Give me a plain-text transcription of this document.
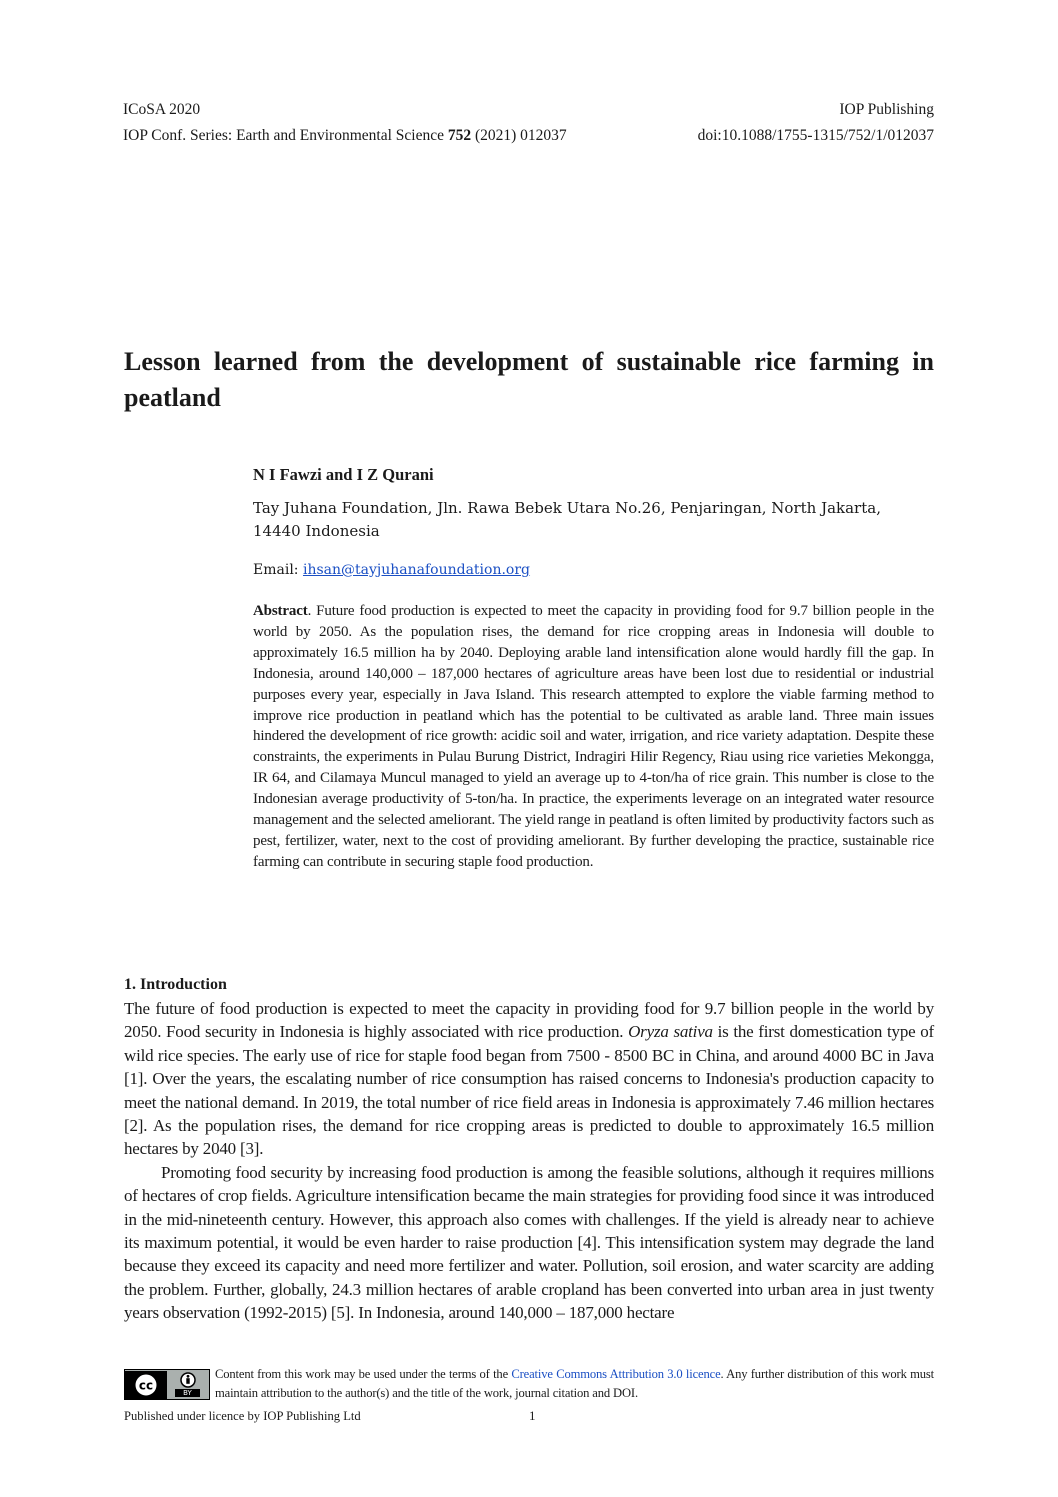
ICoSA 2020	IOP Publishing
IOP Conf. Series: Earth and Environmental Science 752 (2021) 012037	doi:10.1088/1755-1315/752/1/012037
Lesson learned from the development of sustainable rice farming in peatland

N I Fawzi and I Z Qurani

Tay Juhana Foundation, Jln. Rawa Bebek Utara No.26, Penjaringan, North Jakarta, 14440 Indonesia

Email: ihsan@tayjuhanafoundation.org

Abstract. Future food production is expected to meet the capacity in providing food for 9.7 billion people in the world by 2050. As the population rises, the demand for rice cropping areas in Indonesia will double to approximately 16.5 million ha by 2040. Deploying arable land intensification alone would hardly fill the gap. In Indonesia, around 140,000 – 187,000 hectares of agriculture areas have been lost due to residential or industrial purposes every year, especially in Java Island. This research attempted to explore the viable farming method to improve rice production in peatland which has the potential to be cultivated as arable land. Three main issues hindered the development of rice growth: acidic soil and water, irrigation, and rice variety adaptation. Despite these constraints, the experiments in Pulau Burung District, Indragiri Hilir Regency, Riau using rice varieties Mekongga, IR 64, and Cilamaya Muncul managed to yield an average up to 4-ton/ha of rice grain. This number is close to the Indonesian average productivity of 5-ton/ha. In practice, the experiments leverage on an integrated water resource management and the selected ameliorant. The yield range in peatland is often limited by productivity factors such as pest, fertilizer, water, next to the cost of providing ameliorant. By further developing the practice, sustainable rice farming can contribute in securing staple food production.

1. Introduction

The future of food production is expected to meet the capacity in providing food for 9.7 billion people in the world by 2050. Food security in Indonesia is highly associated with rice production. Oryza sativa is the first domestication type of wild rice species. The early use of rice for staple food began from 7500 - 8500 BC in China, and around 4000 BC in Java [1]. Over the years, the escalating number of rice consumption has raised concerns to Indonesia's production capacity to meet the national demand. In 2019, the total number of rice field areas in Indonesia is approximately 7.46 million hectares [2]. As the population rises, the demand for rice cropping areas is predicted to double to approximately 16.5 million hectares by 2040 [3].

Promoting food security by increasing food production is among the feasible solutions, although it requires millions of hectares of crop fields. Agriculture intensification became the main strategies for providing food since it was introduced in the mid-nineteenth century. However, this approach also comes with challenges. If the yield is already near to achieve its maximum potential, it would be even harder to raise production [4]. This intensification system may degrade the land because they exceed its capacity and need more fertilizer and water. Pollution, soil erosion, and water scarcity are adding the problem. Further, globally, 24.3 million hectares of arable cropland has been converted into urban area in just twenty years observation (1992-2015) [5]. In Indonesia, around 140,000 – 187,000 hectare

cc
BY
Content from this work may be used under the terms of the Creative Commons Attribution 3.0 licence. Any further distribution of this work must maintain attribution to the author(s) and the title of the work, journal citation and DOI.
Published under licence by IOP Publishing Ltd	1
